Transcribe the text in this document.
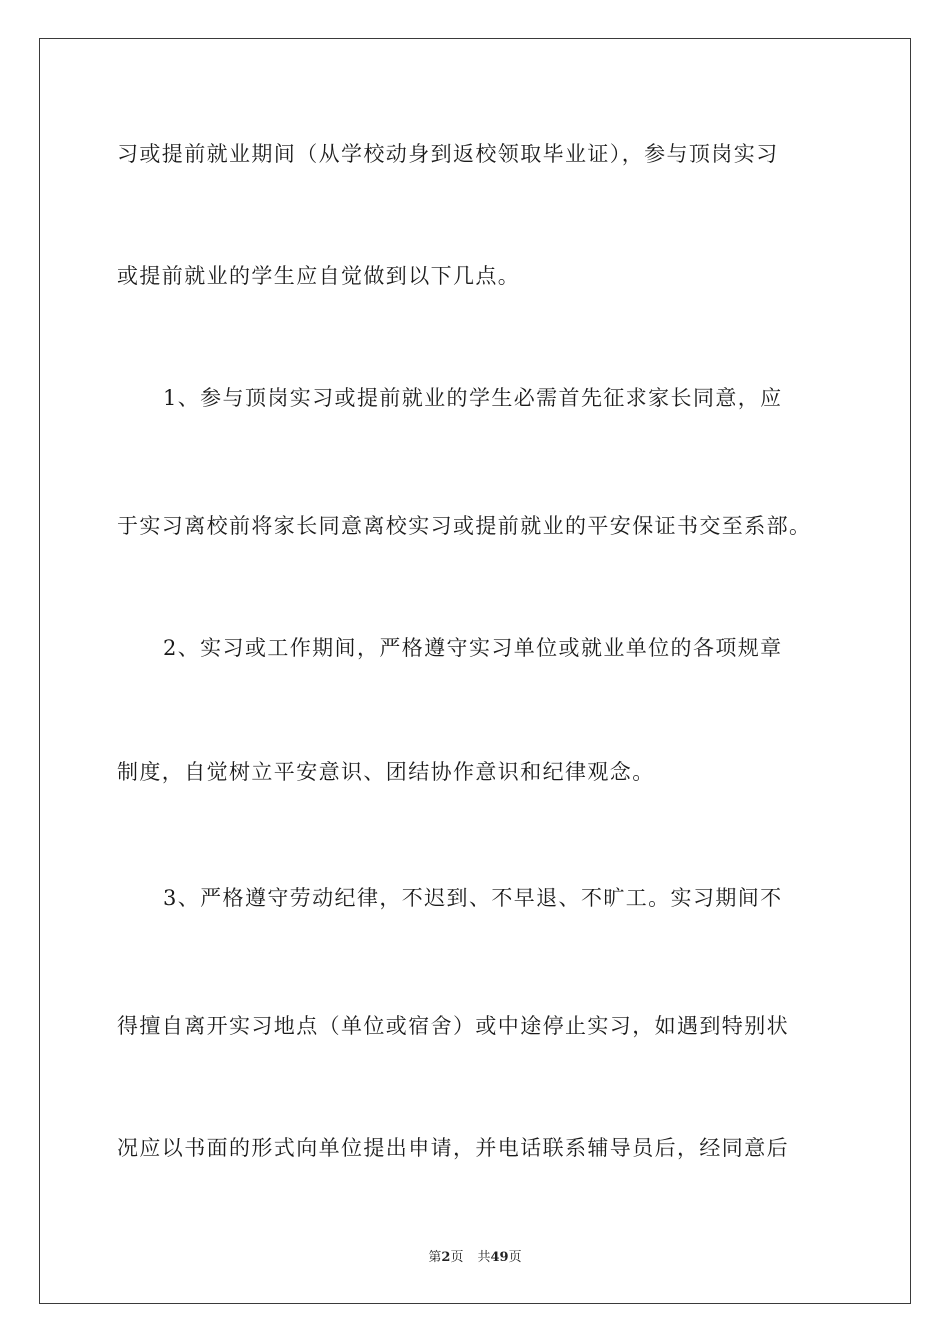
习或提前就业期间（从学校动身到返校领取毕业证），参与顶岗实习
或提前就业的学生应自觉做到以下几点。
1、参与顶岗实习或提前就业的学生必需首先征求家长同意，应
于实习离校前将家长同意离校实习或提前就业的平安保证书交至系部。
2、实习或工作期间，严格遵守实习单位或就业单位的各项规章
制度，自觉树立平安意识、团结协作意识和纪律观念。
3、严格遵守劳动纪律，不迟到、不早退、不旷工。实习期间不
得擅自离开实习地点（单位或宿舍）或中途停止实习，如遇到特别状
况应以书面的形式向单位提出申请，并电话联系辅导员后，经同意后
第2页 共49页
